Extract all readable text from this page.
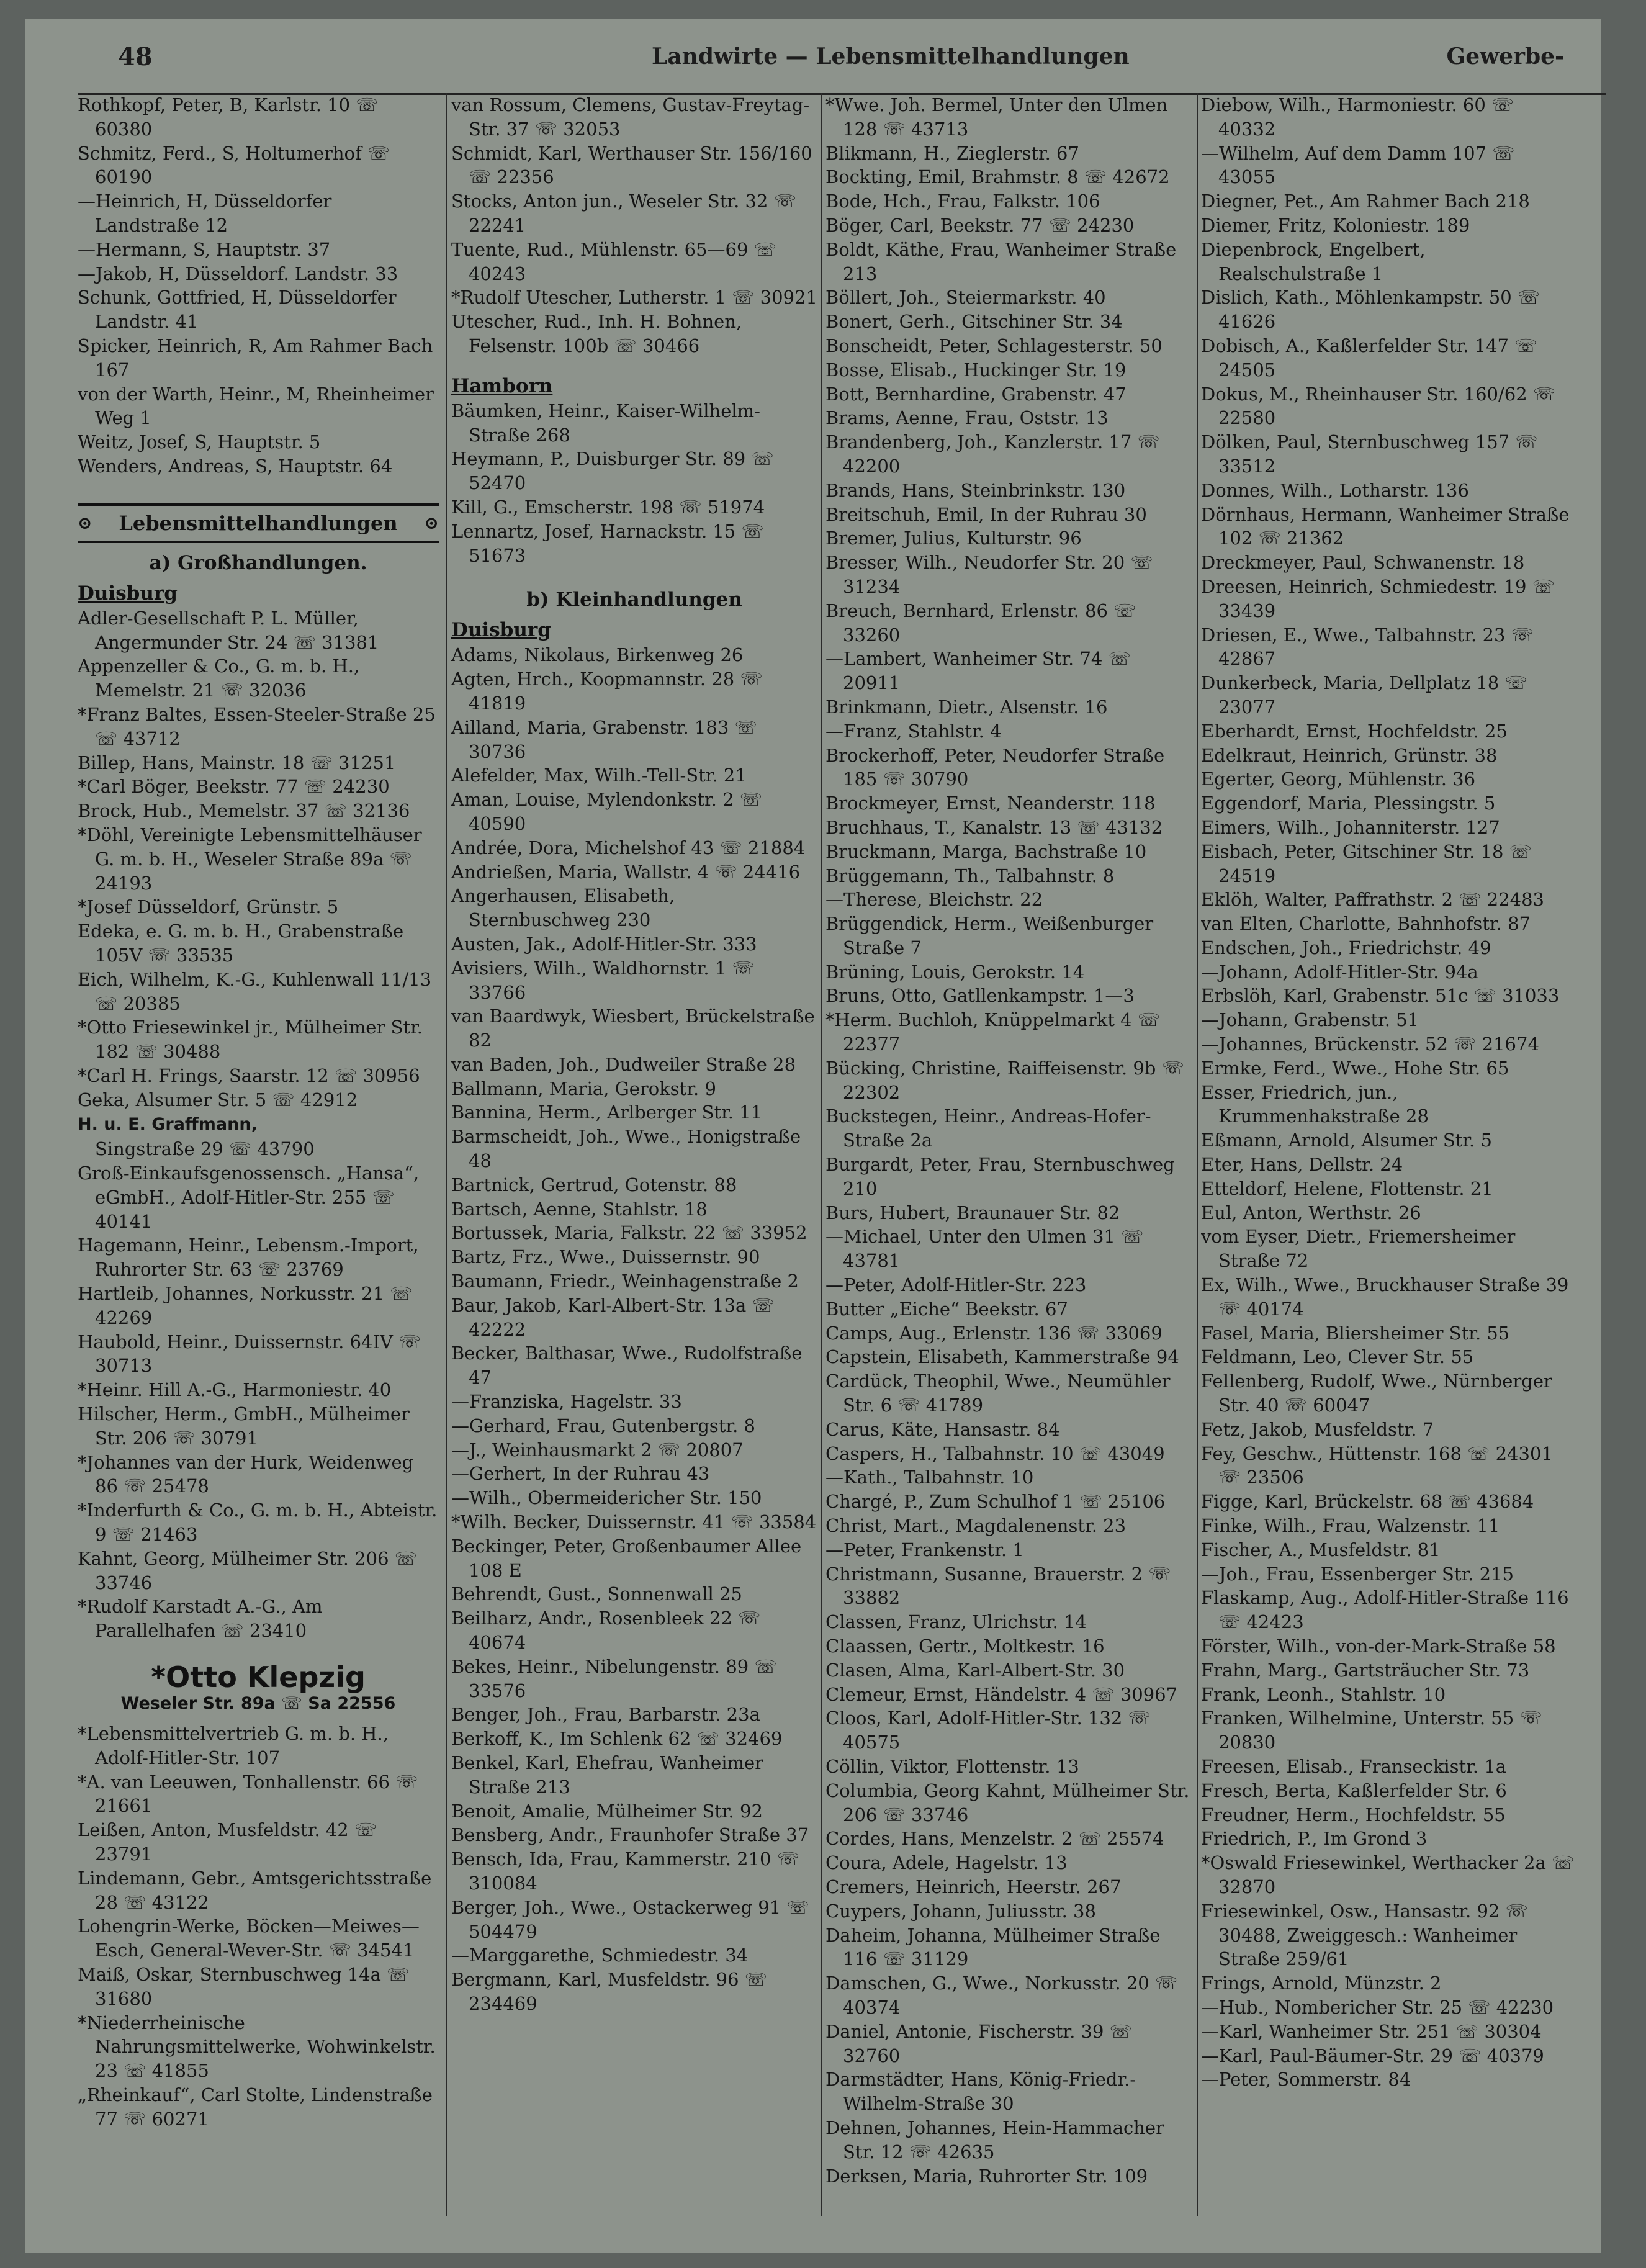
48	Landwirte — Lebensmittelhandlungen	Gewerbe-
Rothkopf, Peter, B, Karlstr. 10 ☏ 60380
Schmitz, Ferd., S, Holtumerhof ☏ 60190
—Heinrich, H, Düsseldorfer Landstraße 12
—Hermann, S, Hauptstr. 37
—Jakob, H, Düsseldorf. Landstr. 33
Schunk, Gottfried, H, Düsseldorfer Landstr. 41
Spicker, Heinrich, R, Am Rahmer Bach 167
von der Warth, Heinr., M, Rheinheimer Weg 1
Weitz, Josef, S, Hauptstr. 5
Wenders, Andreas, S, Hauptstr. 64
⊙ Lebensmittelhandlungen ⊙
a) Großhandlungen.
Duisburg
Adler-Gesellschaft P. L. Müller, Angermunder Str. 24 ☏ 31381
Appenzeller & Co., G. m. b. H., Memelstr. 21 ☏ 32036
*Franz Baltes, Essen-Steeler-Straße 25 ☏ 43712
Billep, Hans, Mainstr. 18 ☏ 31251
*Carl Böger, Beekstr. 77 ☏ 24230
Brock, Hub., Memelstr. 37 ☏ 32136
*Döhl, Vereinigte Lebensmittelhäuser G. m. b. H., Weseler Straße 89a ☏ 24193
*Josef Düsseldorf, Grünstr. 5
Edeka, e. G. m. b. H., Grabenstraße 105V ☏ 33535
Eich, Wilhelm, K.-G., Kuhlenwall 11/13 ☏ 20385
*Otto Friesewinkel jr., Mülheimer Str. 182 ☏ 30488
*Carl H. Frings, Saarstr. 12 ☏ 30956
Geka, Alsumer Str. 5 ☏ 42912
H. u. E. Graffmann,
Singstraße 29 ☏ 43790
Groß-Einkaufsgenossensch. „Hansa“, eGmbH., Adolf-Hitler-Str. 255 ☏ 40141
Hagemann, Heinr., Lebensm.-Import, Ruhrorter Str. 63 ☏ 23769
Hartleib, Johannes, Norkusstr. 21 ☏ 42269
Haubold, Heinr., Duissernstr. 64IV ☏ 30713
*Heinr. Hill A.-G., Harmoniestr. 40
Hilscher, Herm., GmbH., Mülheimer Str. 206 ☏ 30791
*Johannes van der Hurk, Weidenweg 86 ☏ 25478
*Inderfurth & Co., G. m. b. H., Abteistr. 9 ☏ 21463
Kahnt, Georg, Mülheimer Str. 206 ☏ 33746
*Rudolf Karstadt A.-G., Am Parallelhafen ☏ 23410
*Otto Klepzig
Weseler Str. 89a ☏ Sa 22556
*Lebensmittelvertrieb G. m. b. H., Adolf-Hitler-Str. 107
*A. van Leeuwen, Tonhallenstr. 66 ☏ 21661
Leißen, Anton, Musfeldstr. 42 ☏ 23791
Lindemann, Gebr., Amtsgerichtsstraße 28 ☏ 43122
Lohengrin-Werke, Böcken—Meiwes—Esch, General-Wever-Str. ☏ 34541
Maiß, Oskar, Sternbuschweg 14a ☏ 31680
*Niederrheinische Nahrungsmittelwerke, Wohwinkelstr. 23 ☏ 41855
„Rheinkauf“, Carl Stolte, Lindenstraße 77 ☏ 60271
van Rossum, Clemens, Gustav-Freytag-Str. 37 ☏ 32053
Schmidt, Karl, Werthauser Str. 156/160 ☏ 22356
Stocks, Anton jun., Weseler Str. 32 ☏ 22241
Tuente, Rud., Mühlenstr. 65—69 ☏ 40243
*Rudolf Utescher, Lutherstr. 1 ☏ 30921
Utescher, Rud., Inh. H. Bohnen, Felsenstr. 100b ☏ 30466
Hamborn
Bäumken, Heinr., Kaiser-Wilhelm-Straße 268
Heymann, P., Duisburger Str. 89 ☏ 52470
Kill, G., Emscherstr. 198 ☏ 51974
Lennartz, Josef, Harnackstr. 15 ☏ 51673
b) Kleinhandlungen
Duisburg
Adams, Nikolaus, Birkenweg 26
Agten, Hrch., Koopmannstr. 28 ☏ 41819
Ailland, Maria, Grabenstr. 183 ☏ 30736
Alefelder, Max, Wilh.-Tell-Str. 21
Aman, Louise, Mylendonkstr. 2 ☏ 40590
Andrée, Dora, Michelshof 43 ☏ 21884
Andrießen, Maria, Wallstr. 4 ☏ 24416
Angerhausen, Elisabeth, Sternbuschweg 230
Austen, Jak., Adolf-Hitler-Str. 333
Avisiers, Wilh., Waldhornstr. 1 ☏ 33766
van Baardwyk, Wiesbert, Brückelstraße 82
van Baden, Joh., Dudweiler Straße 28
Ballmann, Maria, Gerokstr. 9
Bannina, Herm., Arlberger Str. 11
Barmscheidt, Joh., Wwe., Honigstraße 48
Bartnick, Gertrud, Gotenstr. 88
Bartsch, Aenne, Stahlstr. 18
Bortussek, Maria, Falkstr. 22 ☏ 33952
Bartz, Frz., Wwe., Duissernstr. 90
Baumann, Friedr., Weinhagenstraße 2
Baur, Jakob, Karl-Albert-Str. 13a ☏ 42222
Becker, Balthasar, Wwe., Rudolfstraße 47
—Franziska, Hagelstr. 33
—Gerhard, Frau, Gutenbergstr. 8
—J., Weinhausmarkt 2 ☏ 20807
—Gerhert, In der Ruhrau 43
—Wilh., Obermeidericher Str. 150
*Wilh. Becker, Duissernstr. 41 ☏ 33584
Beckinger, Peter, Großenbaumer Allee 108 E
Behrendt, Gust., Sonnenwall 25
Beilharz, Andr., Rosenbleek 22 ☏ 40674
Bekes, Heinr., Nibelungenstr. 89 ☏ 33576
Benger, Joh., Frau, Barbarstr. 23a
Berkoff, K., Im Schlenk 62 ☏ 32469
Benkel, Karl, Ehefrau, Wanheimer Straße 213
Benoit, Amalie, Mülheimer Str. 92
Bensberg, Andr., Fraunhofer Straße 37
Bensch, Ida, Frau, Kammerstr. 210 ☏ 310084
Berger, Joh., Wwe., Ostackerweg 91 ☏ 504479
—Marggarethe, Schmiedestr. 34
Bergmann, Karl, Musfeldstr. 96 ☏ 234469
*Wwe. Joh. Bermel, Unter den Ulmen 128 ☏ 43713
Blikmann, H., Zieglerstr. 67
Bockting, Emil, Brahmstr. 8 ☏ 42672
Bode, Hch., Frau, Falkstr. 106
Böger, Carl, Beekstr. 77 ☏ 24230
Boldt, Käthe, Frau, Wanheimer Straße 213
Böllert, Joh., Steiermarkstr. 40
Bonert, Gerh., Gitschiner Str. 34
Bonscheidt, Peter, Schlagesterstr. 50
Bosse, Elisab., Huckinger Str. 19
Bott, Bernhardine, Grabenstr. 47
Brams, Aenne, Frau, Oststr. 13
Brandenberg, Joh., Kanzlerstr. 17 ☏ 42200
Brands, Hans, Steinbrinkstr. 130
Breitschuh, Emil, In der Ruhrau 30
Bremer, Julius, Kulturstr. 96
Bresser, Wilh., Neudorfer Str. 20 ☏ 31234
Breuch, Bernhard, Erlenstr. 86 ☏ 33260
—Lambert, Wanheimer Str. 74 ☏ 20911
Brinkmann, Dietr., Alsenstr. 16
—Franz, Stahlstr. 4
Brockerhoff, Peter, Neudorfer Straße 185 ☏ 30790
Brockmeyer, Ernst, Neanderstr. 118
Bruchhaus, T., Kanalstr. 13 ☏ 43132
Bruckmann, Marga, Bachstraße 10
Brüggemann, Th., Talbahnstr. 8
—Therese, Bleichstr. 22
Brüggendick, Herm., Weißenburger Straße 7
Brüning, Louis, Gerokstr. 14
Bruns, Otto, Gatllenkampstr. 1—3
*Herm. Buchloh, Knüppelmarkt 4 ☏ 22377
Bücking, Christine, Raiffeisenstr. 9b ☏ 22302
Buckstegen, Heinr., Andreas-Hofer-Straße 2a
Burgardt, Peter, Frau, Sternbuschweg 210
Burs, Hubert, Braunauer Str. 82
—Michael, Unter den Ulmen 31 ☏ 43781
—Peter, Adolf-Hitler-Str. 223
Butter „Eiche“ Beekstr. 67
Camps, Aug., Erlenstr. 136 ☏ 33069
Capstein, Elisabeth, Kammerstraße 94
Cardück, Theophil, Wwe., Neumühler Str. 6 ☏ 41789
Carus, Käte, Hansastr. 84
Caspers, H., Talbahnstr. 10 ☏ 43049
—Kath., Talbahnstr. 10
Chargé, P., Zum Schulhof 1 ☏ 25106
Christ, Mart., Magdalenenstr. 23
—Peter, Frankenstr. 1
Christmann, Susanne, Brauerstr. 2 ☏ 33882
Classen, Franz, Ulrichstr. 14
Claassen, Gertr., Moltkestr. 16
Clasen, Alma, Karl-Albert-Str. 30
Clemeur, Ernst, Händelstr. 4 ☏ 30967
Cloos, Karl, Adolf-Hitler-Str. 132 ☏ 40575
Cöllin, Viktor, Flottenstr. 13
Columbia, Georg Kahnt, Mülheimer Str. 206 ☏ 33746
Cordes, Hans, Menzelstr. 2 ☏ 25574
Coura, Adele, Hagelstr. 13
Cremers, Heinrich, Heerstr. 267
Cuypers, Johann, Juliusstr. 38
Daheim, Johanna, Mülheimer Straße 116 ☏ 31129
Damschen, G., Wwe., Norkusstr. 20 ☏ 40374
Daniel, Antonie, Fischerstr. 39 ☏ 32760
Darmstädter, Hans, König-Friedr.-Wilhelm-Straße 30
Dehnen, Johannes, Hein-Hammacher Str. 12 ☏ 42635
Derksen, Maria, Ruhrorter Str. 109
Diebow, Wilh., Harmoniestr. 60 ☏ 40332
—Wilhelm, Auf dem Damm 107 ☏ 43055
Diegner, Pet., Am Rahmer Bach 218
Diemer, Fritz, Koloniestr. 189
Diepenbrock, Engelbert, Realschulstraße 1
Dislich, Kath., Möhlenkampstr. 50 ☏ 41626
Dobisch, A., Kaßlerfelder Str. 147 ☏ 24505
Dokus, M., Rheinhauser Str. 160/62 ☏ 22580
Dölken, Paul, Sternbuschweg 157 ☏ 33512
Donnes, Wilh., Lotharstr. 136
Dörnhaus, Hermann, Wanheimer Straße 102 ☏ 21362
Dreckmeyer, Paul, Schwanenstr. 18
Dreesen, Heinrich, Schmiedestr. 19 ☏ 33439
Driesen, E., Wwe., Talbahnstr. 23 ☏ 42867
Dunkerbeck, Maria, Dellplatz 18 ☏ 23077
Eberhardt, Ernst, Hochfeldstr. 25
Edelkraut, Heinrich, Grünstr. 38
Egerter, Georg, Mühlenstr. 36
Eggendorf, Maria, Plessingstr. 5
Eimers, Wilh., Johanniterstr. 127
Eisbach, Peter, Gitschiner Str. 18 ☏ 24519
Eklöh, Walter, Paffrathstr. 2 ☏ 22483
van Elten, Charlotte, Bahnhofstr. 87
Endschen, Joh., Friedrichstr. 49
—Johann, Adolf-Hitler-Str. 94a
Erbslöh, Karl, Grabenstr. 51c ☏ 31033
—Johann, Grabenstr. 51
—Johannes, Brückenstr. 52 ☏ 21674
Ermke, Ferd., Wwe., Hohe Str. 65
Esser, Friedrich, jun., Krummenhakstraße 28
Eßmann, Arnold, Alsumer Str. 5
Eter, Hans, Dellstr. 24
Etteldorf, Helene, Flottenstr. 21
Eul, Anton, Werthstr. 26
vom Eyser, Dietr., Friemersheimer Straße 72
Ex, Wilh., Wwe., Bruckhauser Straße 39 ☏ 40174
Fasel, Maria, Bliersheimer Str. 55
Feldmann, Leo, Clever Str. 55
Fellenberg, Rudolf, Wwe., Nürnberger Str. 40 ☏ 60047
Fetz, Jakob, Musfeldstr. 7
Fey, Geschw., Hüttenstr. 168 ☏ 24301 ☏ 23506
Figge, Karl, Brückelstr. 68 ☏ 43684
Finke, Wilh., Frau, Walzenstr. 11
Fischer, A., Musfeldstr. 81
—Joh., Frau, Essenberger Str. 215
Flaskamp, Aug., Adolf-Hitler-Straße 116 ☏ 42423
Förster, Wilh., von-der-Mark-Straße 58
Frahn, Marg., Gartsträucher Str. 73
Frank, Leonh., Stahlstr. 10
Franken, Wilhelmine, Unterstr. 55 ☏ 20830
Freesen, Elisab., Franseckistr. 1a
Fresch, Berta, Kaßlerfelder Str. 6
Freudner, Herm., Hochfeldstr. 55
Friedrich, P., Im Grond 3
*Oswald Friesewinkel, Werthacker 2a ☏ 32870
Friesewinkel, Osw., Hansastr. 92 ☏ 30488, Zweiggesch.: Wanheimer Straße 259/61
Frings, Arnold, Münzstr. 2
—Hub., Nombericher Str. 25 ☏ 42230
—Karl, Wanheimer Str. 251 ☏ 30304
—Karl, Paul-Bäumer-Str. 29 ☏ 40379
—Peter, Sommerstr. 84
